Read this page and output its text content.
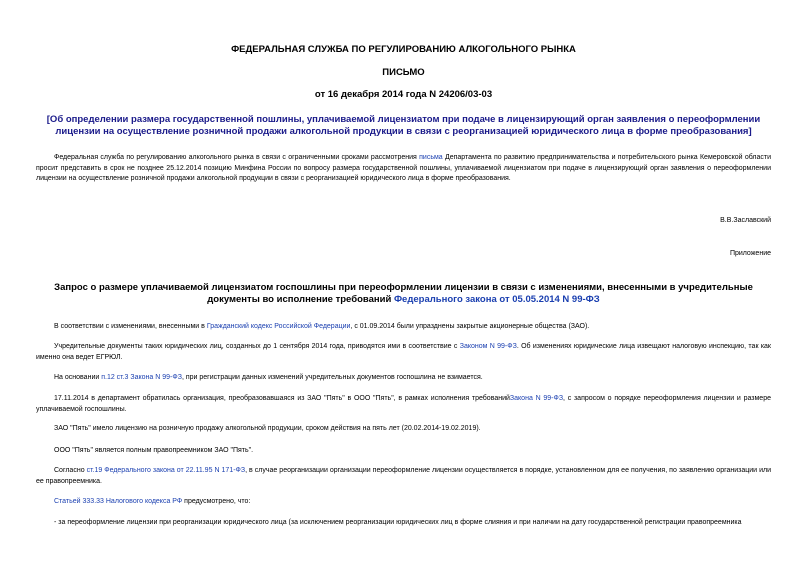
ФЕДЕРАЛЬНАЯ СЛУЖБА ПО РЕГУЛИРОВАНИЮ АЛКОГОЛЬНОГО РЫНКА
ПИСЬМО
от 16 декабря 2014 года N 24206/03-03
[Об определении размера государственной пошлины, уплачиваемой лицензиатом при подаче в лицензирующий орган заявления о переоформлении лицензии на осуществление розничной продажи алкогольной продукции в связи с реорганизацией юридического лица в форме преобразования]
Федеральная служба по регулированию алкогольного рынка в связи с ограниченными сроками рассмотрения письма Департамента по развитию предпринимательства и потребительского рынка Кемеровской области просит представить в срок не позднее 25.12.2014 позицию Минфина России по вопросу размера государственной пошлины, уплачиваемой лицензиатом при подаче в лицензирующий орган заявления о переоформлении лицензии на осуществление розничной продажи алкогольной продукции в связи с реорганизацией юридического лица в форме преобразования.
В.В.Заславский
Приложение
Запрос о размере уплачиваемой лицензиатом госпошлины при переоформлении лицензии в связи с изменениями, внесенными в учредительные документы во исполнение требований Федерального закона от 05.05.2014 N 99-ФЗ
В соответствии с изменениями, внесенными в Гражданский кодекс Российской Федерации, с 01.09.2014 были упразднены закрытые акционерные общества (ЗАО).
Учредительные документы таких юридических лиц, созданных до 1 сентября 2014 года, приводятся ими в соответствие с Законом N 99-ФЗ. Об изменениях юридические лица извещают налоговую инспекцию, так как именно она ведет ЕГРЮЛ.
На основании п.12 ст.3 Закона N 99-ФЗ, при регистрации данных изменений учредительных документов госпошлина не взимается.
17.11.2014 в департамент обратилась организация, преобразовавшаяся из ЗАО "Пять" в ООО "Пять", в рамках исполнения требованийЗакона N 99-ФЗ, с запросом о порядке переоформления лицензии и размере уплачиваемой госпошлины.
ЗАО "Пять" имело лицензию на розничную продажу алкогольной продукции, сроком действия на пять лет (20.02.2014-19.02.2019).
ООО "Пять" является полным правопреемником ЗАО "Пять".
Согласно ст.19 Федерального закона от 22.11.95 N 171-ФЗ, в случае реорганизации организации переоформление лицензии осуществляется в порядке, установленном для ее получения, по заявлению организации или ее правопреемника.
Статьей 333.33 Налогового кодекса РФ предусмотрено, что:
- за переоформление лицензии при реорганизации юридического лица (за исключением реорганизации юридических лиц в форме слияния и при наличии на дату государственной регистрации правопреемника
